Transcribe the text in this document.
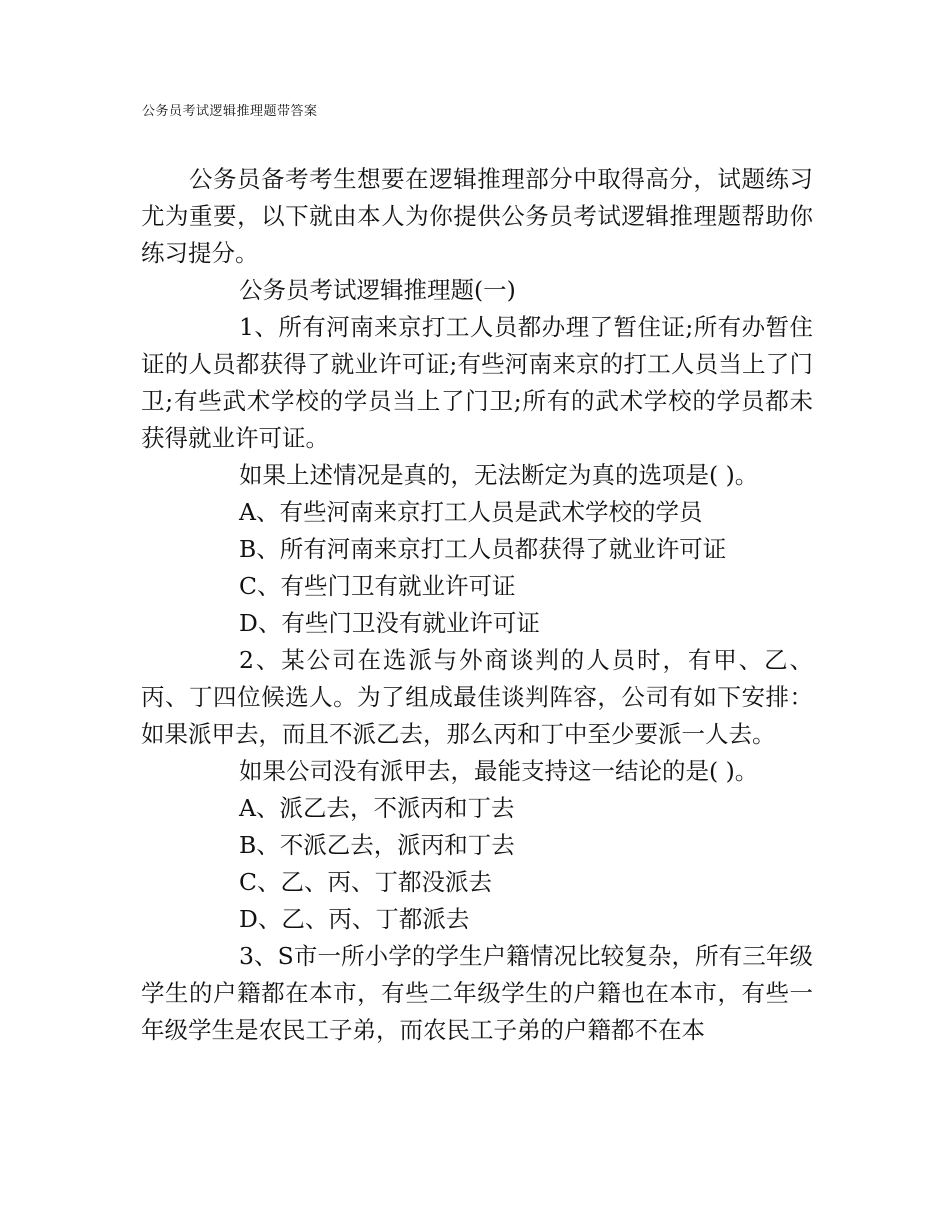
公务员考试逻辑推理题带答案

公务员备考考生想要在逻辑推理部分中取得高分，试题练习尤为重要，以下就由本人为你提供公务员考试逻辑推理题帮助你练习提分。

公务员考试逻辑推理题(一)

1、所有河南来京打工人员都办理了暂住证;所有办暂住证的人员都获得了就业许可证;有些河南来京的打工人员当上了门卫;有些武术学校的学员当上了门卫;所有的武术学校的学员都未获得就业许可证。

如果上述情况是真的，无法断定为真的选项是( )。

A、有些河南来京打工人员是武术学校的学员

B、所有河南来京打工人员都获得了就业许可证

C、有些门卫有就业许可证

D、有些门卫没有就业许可证

2、某公司在选派与外商谈判的人员时，有甲、乙、丙、丁四位候选人。为了组成最佳谈判阵容，公司有如下安排：如果派甲去，而且不派乙去，那么丙和丁中至少要派一人去。

如果公司没有派甲去，最能支持这一结论的是( )。

A、派乙去，不派丙和丁去

B、不派乙去，派丙和丁去

C、乙、丙、丁都没派去

D、乙、丙、丁都派去

3、S市一所小学的学生户籍情况比较复杂，所有三年级学生的户籍都在本市，有些二年级学生的户籍也在本市，有些一年级学生是农民工子弟，而农民工子弟的户籍都不在本
